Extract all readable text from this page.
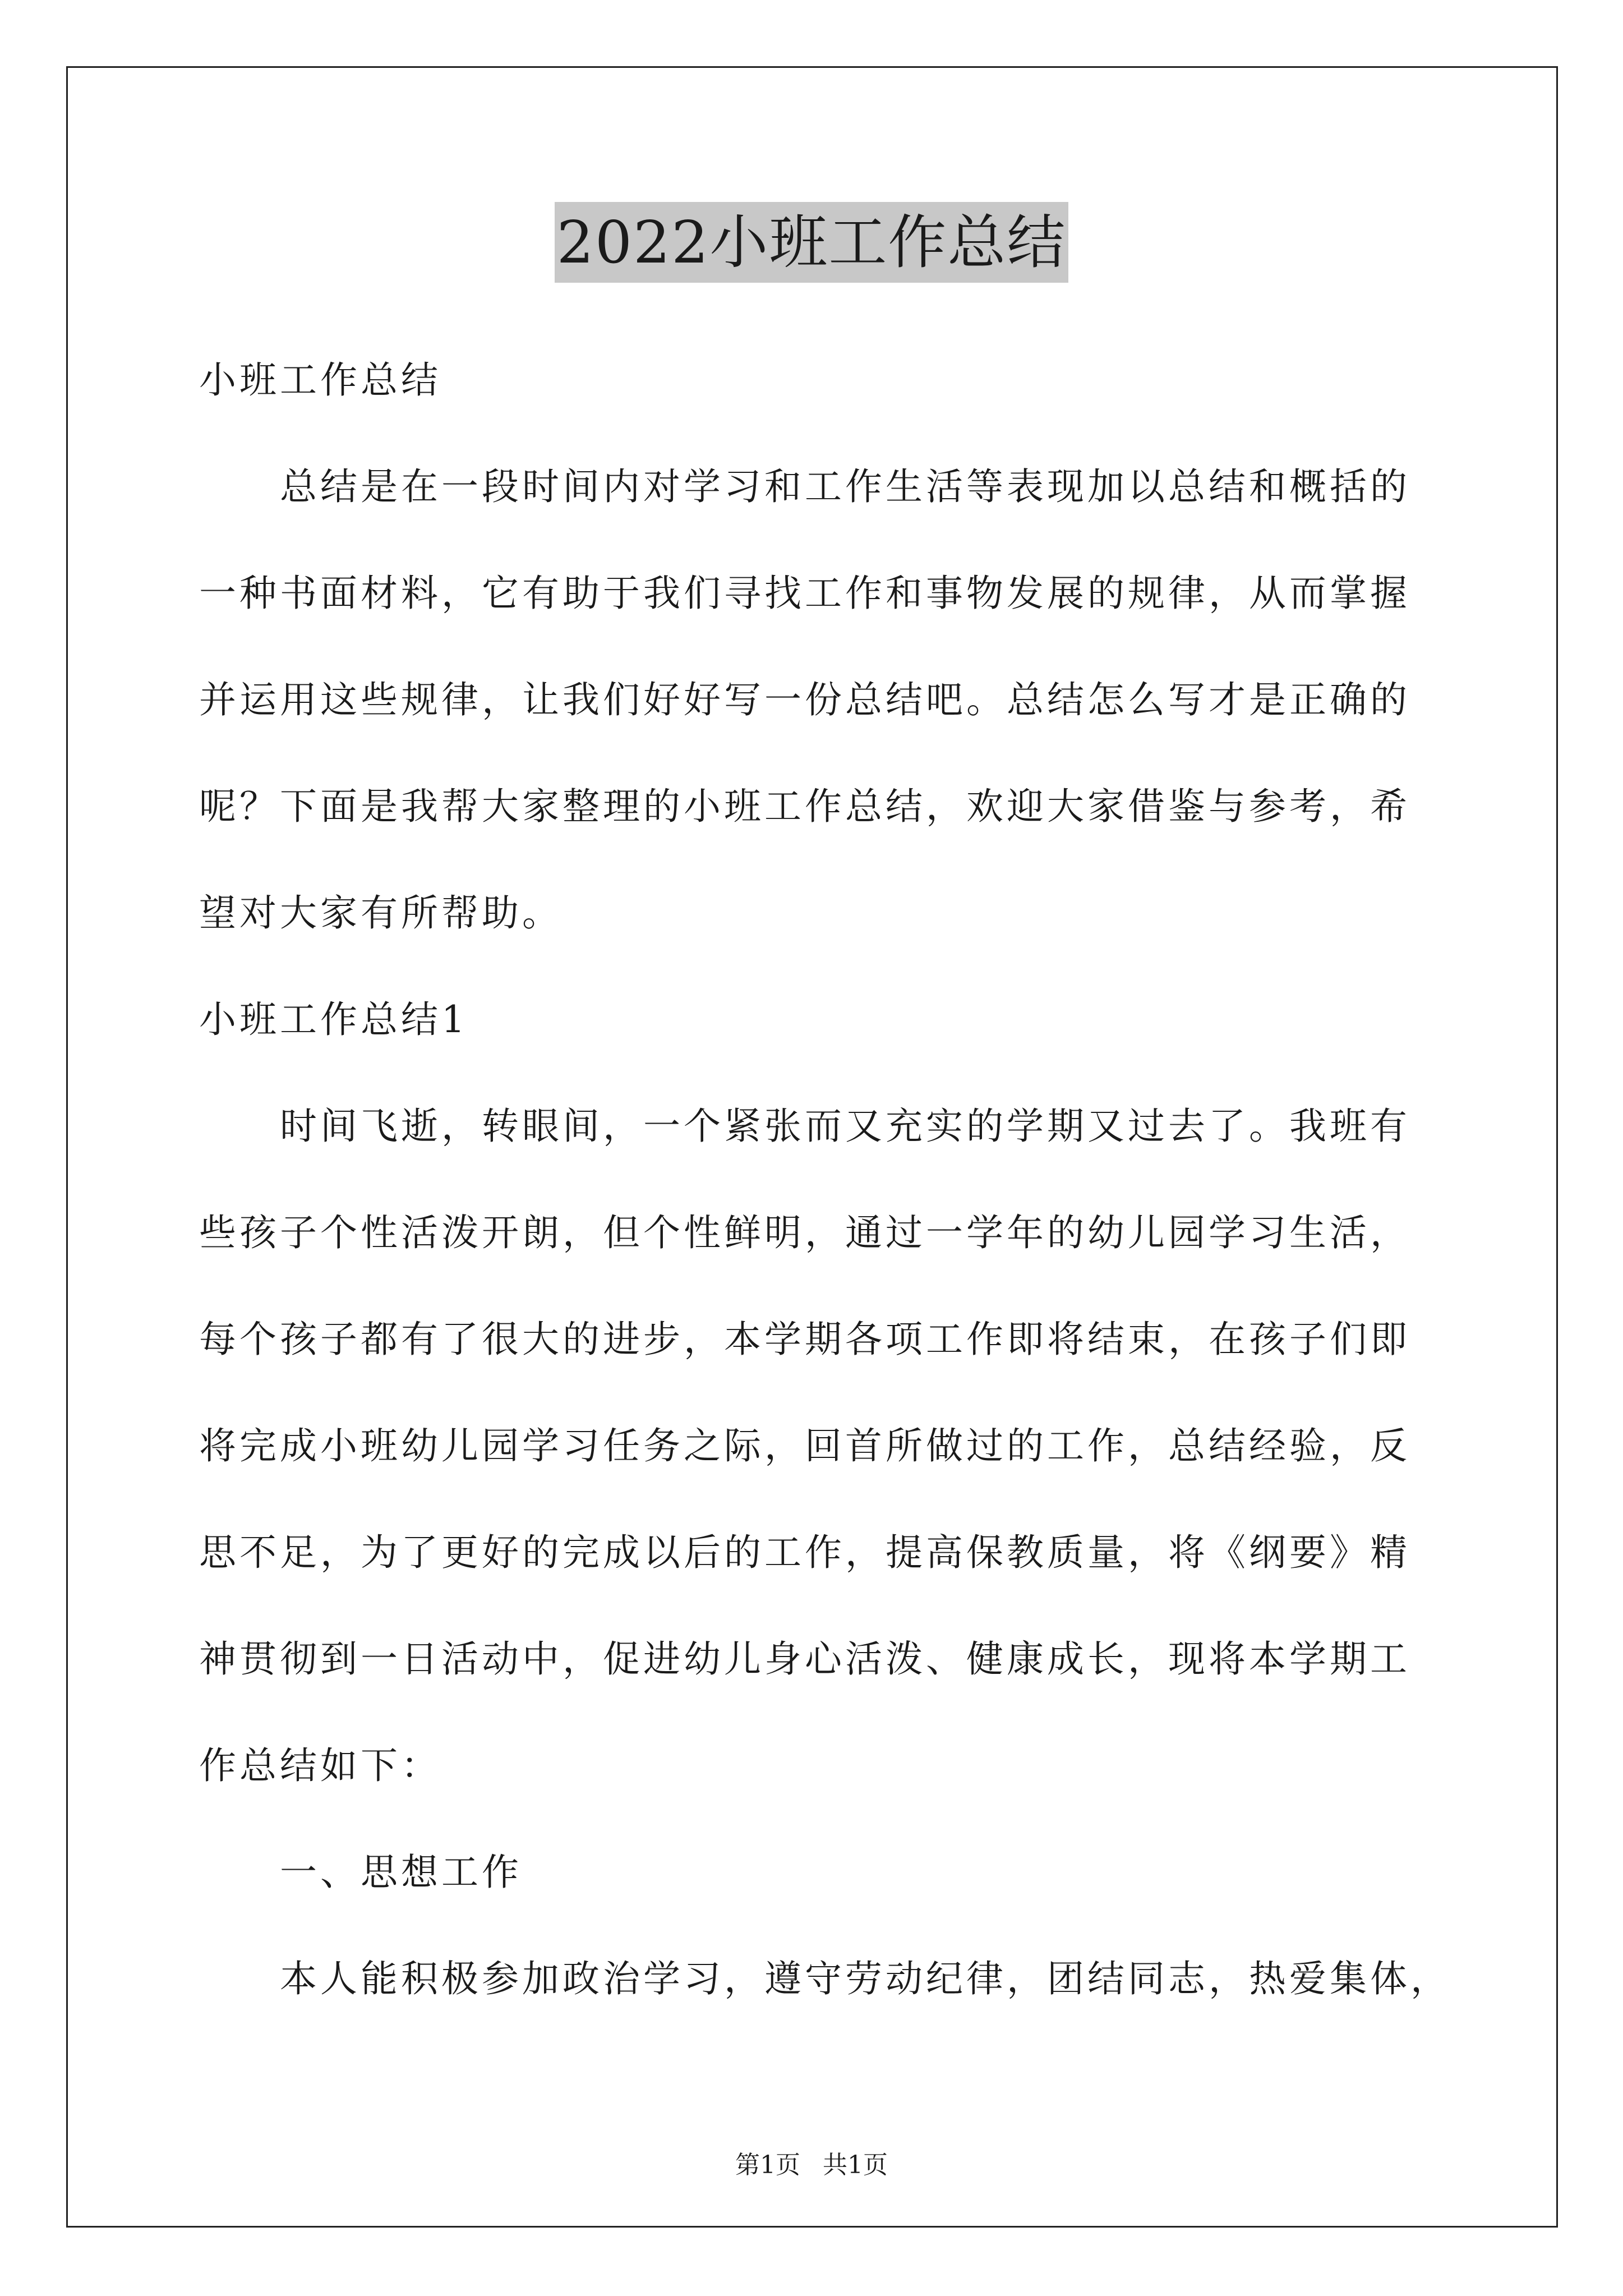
2022小班工作总结
小班工作总结
　　总结是在一段时间内对学习和工作生活等表现加以总结和概括的
一种书面材料，它有助于我们寻找工作和事物发展的规律，从而掌握
并运用这些规律，让我们好好写一份总结吧。总结怎么写才是正确的
呢？下面是我帮大家整理的小班工作总结，欢迎大家借鉴与参考，希
望对大家有所帮助。
小班工作总结1
　　时间飞逝，转眼间，一个紧张而又充实的学期又过去了。我班有
些孩子个性活泼开朗，但个性鲜明，通过一学年的幼儿园学习生活，
每个孩子都有了很大的进步，本学期各项工作即将结束，在孩子们即
将完成小班幼儿园学习任务之际，回首所做过的工作，总结经验，反
思不足，为了更好的完成以后的工作，提高保教质量，将《纲要》精
神贯彻到一日活动中，促进幼儿身心活泼、健康成长，现将本学期工
作总结如下：
　　一、思想工作
　　本人能积极参加政治学习，遵守劳动纪律，团结同志，热爱集体，
第1页 共1页
